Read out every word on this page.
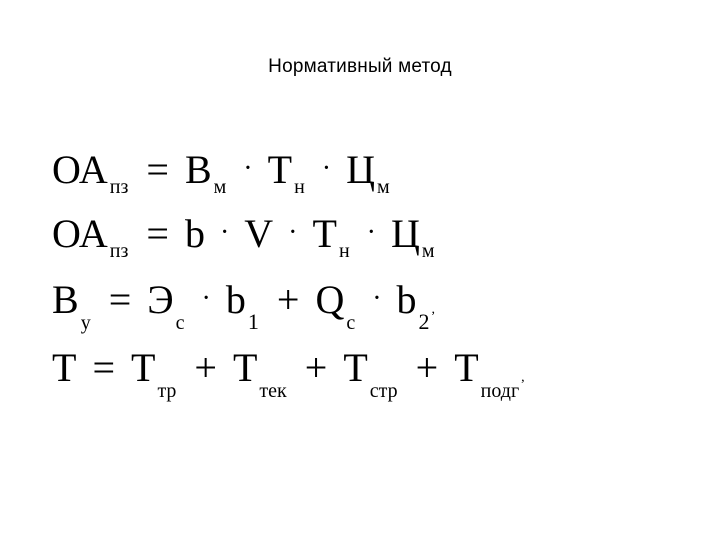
Нормативный метод
ОА пз = В м · Т н · Ц м
ОА пз = b · V · Т н · Ц м
Ву = Эс · b1 + Qс · b2 ,
Т = Ттр + Ттек + Тстр + Тподг,
